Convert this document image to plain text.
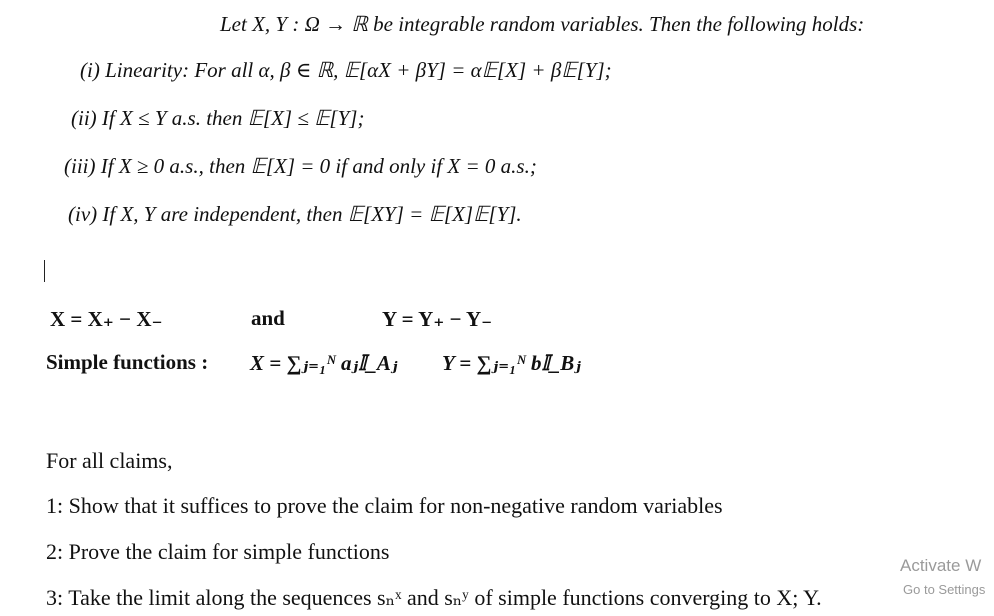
Let X, Y : Ω → ℝ be integrable random variables. Then the following holds:
(i) Linearity: For all α, β ∈ ℝ, 𝔼[αX + βY] = α𝔼[X] + β𝔼[Y];
(ii) If X ≤ Y a.s. then 𝔼[X] ≤ 𝔼[Y];
(iii) If X ≥ 0 a.s., then 𝔼[X] = 0 if and only if X = 0 a.s.;
(iv) If X, Y are independent, then 𝔼[XY] = 𝔼[X]𝔼[Y].
X = X₊ − X₋	and	Y = Y₊ − Y₋
Simple functions : X = ∑ⱼ₌₁ᴺ aⱼ𝕀_Aⱼ Y = ∑ⱼ₌₁ᴺ b𝕀_Bⱼ
For all claims,
1: Show that it suffices to prove the claim for non-negative random variables
2: Prove the claim for simple functions
3: Take the limit along the sequences sₙˣ and sₙʸ of simple functions converging to X; Y.
Activate W
Go to Settings
